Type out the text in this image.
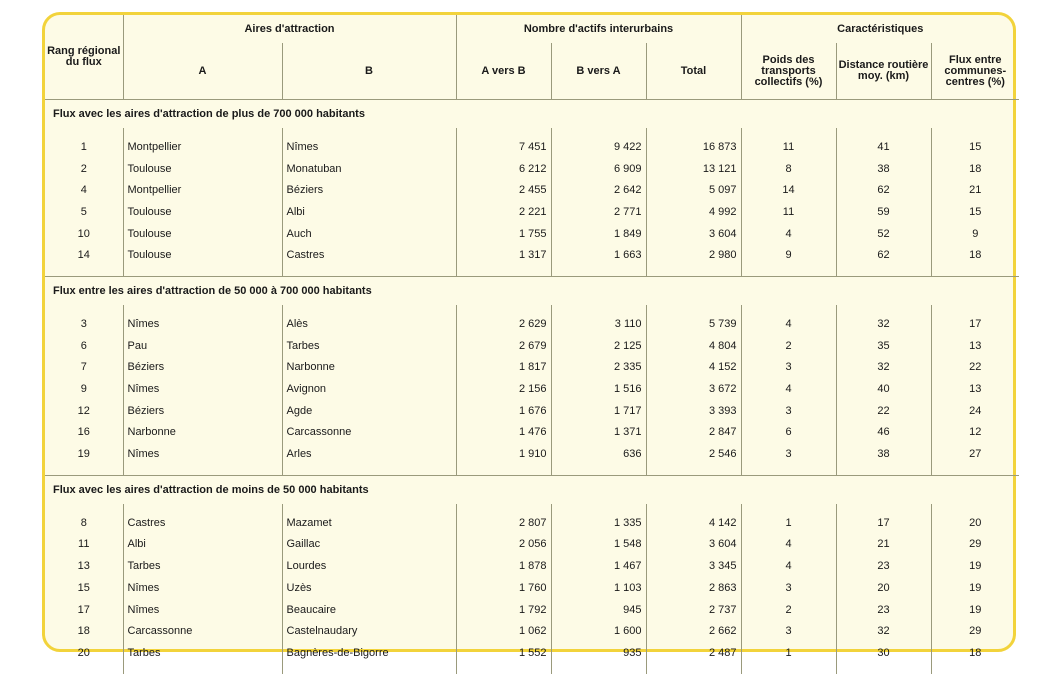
Rang régional du flux	Aires d'attraction		Nombre d'actifs interurbains			Caractéristiques		
	A	B	A vers B	B vers A	Total	Poids des transports collectifs (%)	Distance routière moy. (km)	Flux entre communes-centres (%)
Flux avec les aires d'attraction de plus de 700 000 habitants								

1	Montpellier	Nîmes	7 451	9 422	16 873	11	41	15
2	Toulouse	Monatuban	6 212	6 909	13 121	8	38	18
4	Montpellier	Béziers	2 455	2 642	5 097	14	62	21
5	Toulouse	Albi	2 221	2 771	4 992	11	59	15
10	Toulouse	Auch	1 755	1 849	3 604	4	52	9
14	Toulouse	Castres	1 317	1 663	2 980	9	62	18

Flux entre les aires d'attraction de 50 000 à 700 000 habitants								

3	Nîmes	Alès	2 629	3 110	5 739	4	32	17
6	Pau	Tarbes	2 679	2 125	4 804	2	35	13
7	Béziers	Narbonne	1 817	2 335	4 152	3	32	22
9	Nîmes	Avignon	2 156	1 516	3 672	4	40	13
12	Béziers	Agde	1 676	1 717	3 393	3	22	24
16	Narbonne	Carcassonne	1 476	1 371	2 847	6	46	12
19	Nîmes	Arles	1 910	636	2 546	3	38	27

Flux avec les aires d'attraction de moins de 50 000 habitants								

8	Castres	Mazamet	2 807	1 335	4 142	1	17	20
11	Albi	Gaillac	2 056	1 548	3 604	4	21	29
13	Tarbes	Lourdes	1 878	1 467	3 345	4	23	19
15	Nîmes	Uzès	1 760	1 103	2 863	3	20	19
17	Nîmes	Beaucaire	1 792	945	2 737	2	23	19
18	Carcassonne	Castelnaudary	1 062	1 600	2 662	3	32	29
20	Tarbes	Bagnères-de-Bigorre	1 552	935	2 487	1	30	18
